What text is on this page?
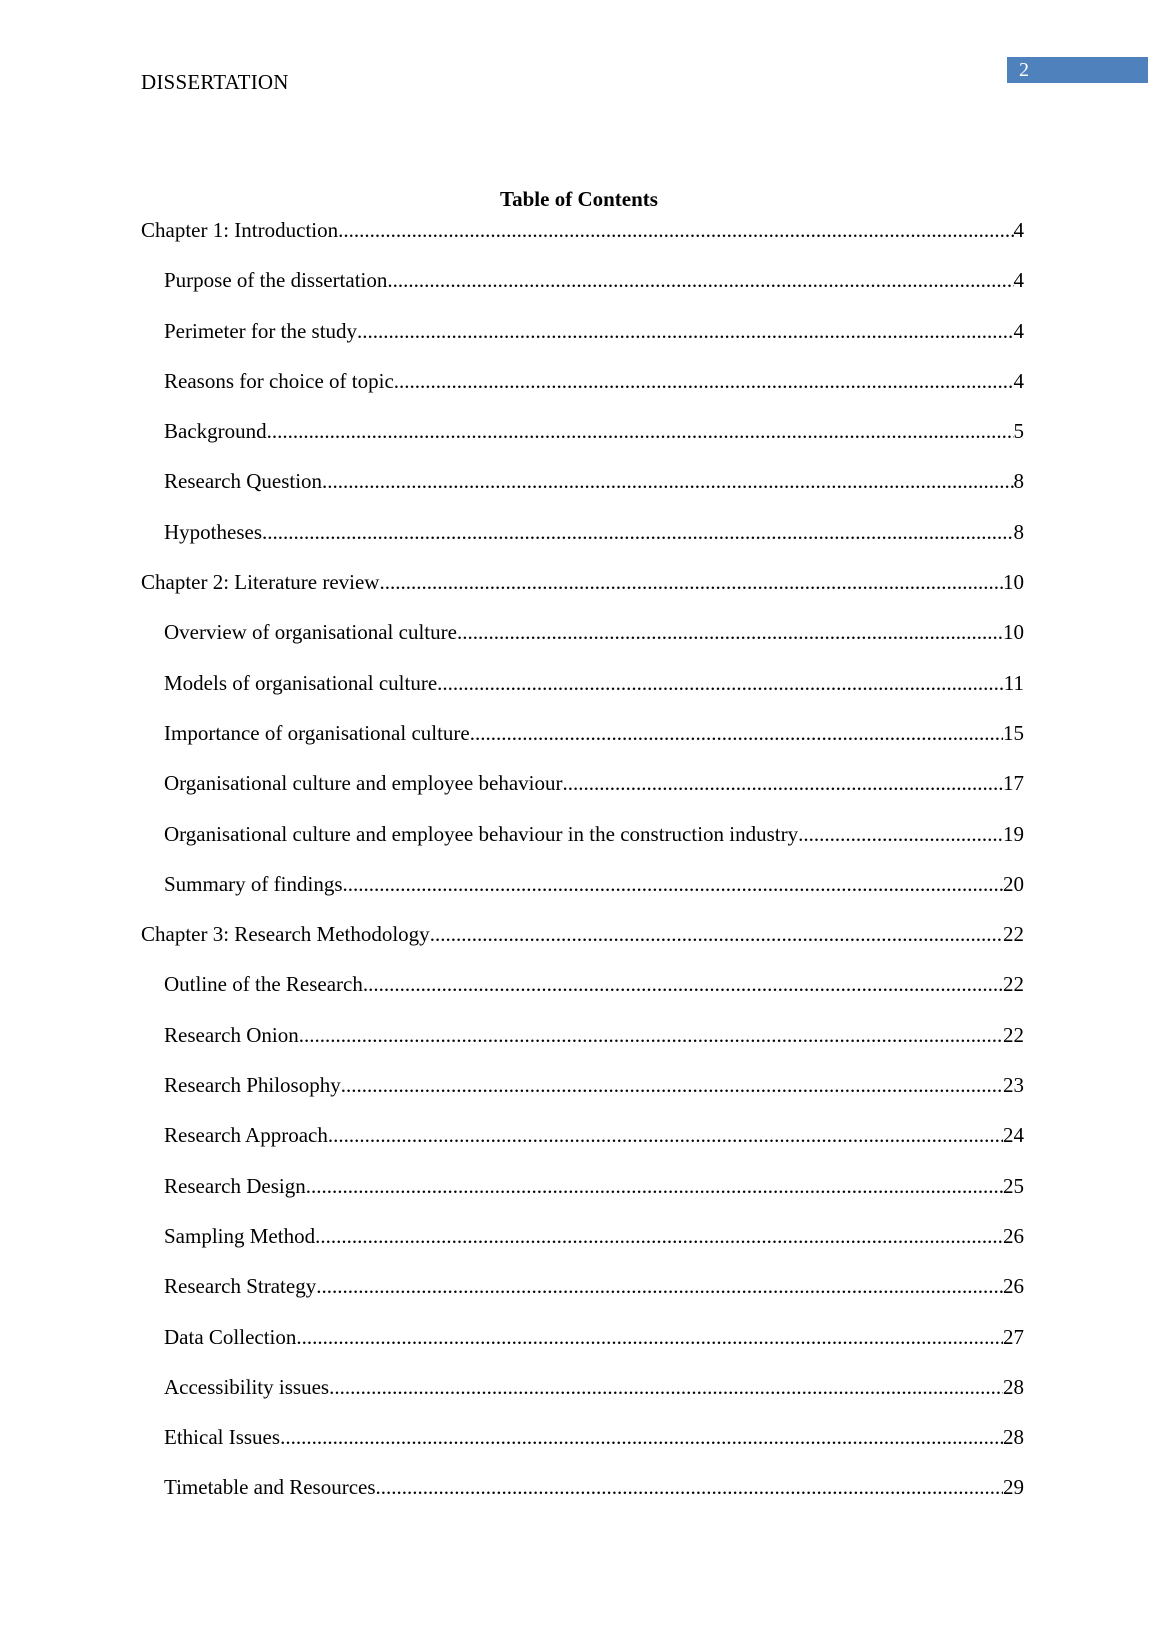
DISSERTATION	2
Table of Contents
Chapter 1: Introduction .....	4
Purpose of the dissertation .....	4
Perimeter for the study .....	4
Reasons for choice of topic .....	4
Background .....	5
Research Question .....	8
Hypotheses .....	8
Chapter 2: Literature review .....	10
Overview of organisational culture .....	10
Models of organisational culture .....	11
Importance of organisational culture .....	15
Organisational culture and employee behaviour .....	17
Organisational culture and employee behaviour in the construction industry .....	19
Summary of findings .....	20
Chapter 3: Research Methodology .....	22
Outline of the Research .....	22
Research Onion .....	22
Research Philosophy .....	23
Research Approach .....	24
Research Design .....	25
Sampling Method .....	26
Research Strategy .....	26
Data Collection .....	27
Accessibility issues .....	28
Ethical Issues .....	28
Timetable and Resources .....	29
